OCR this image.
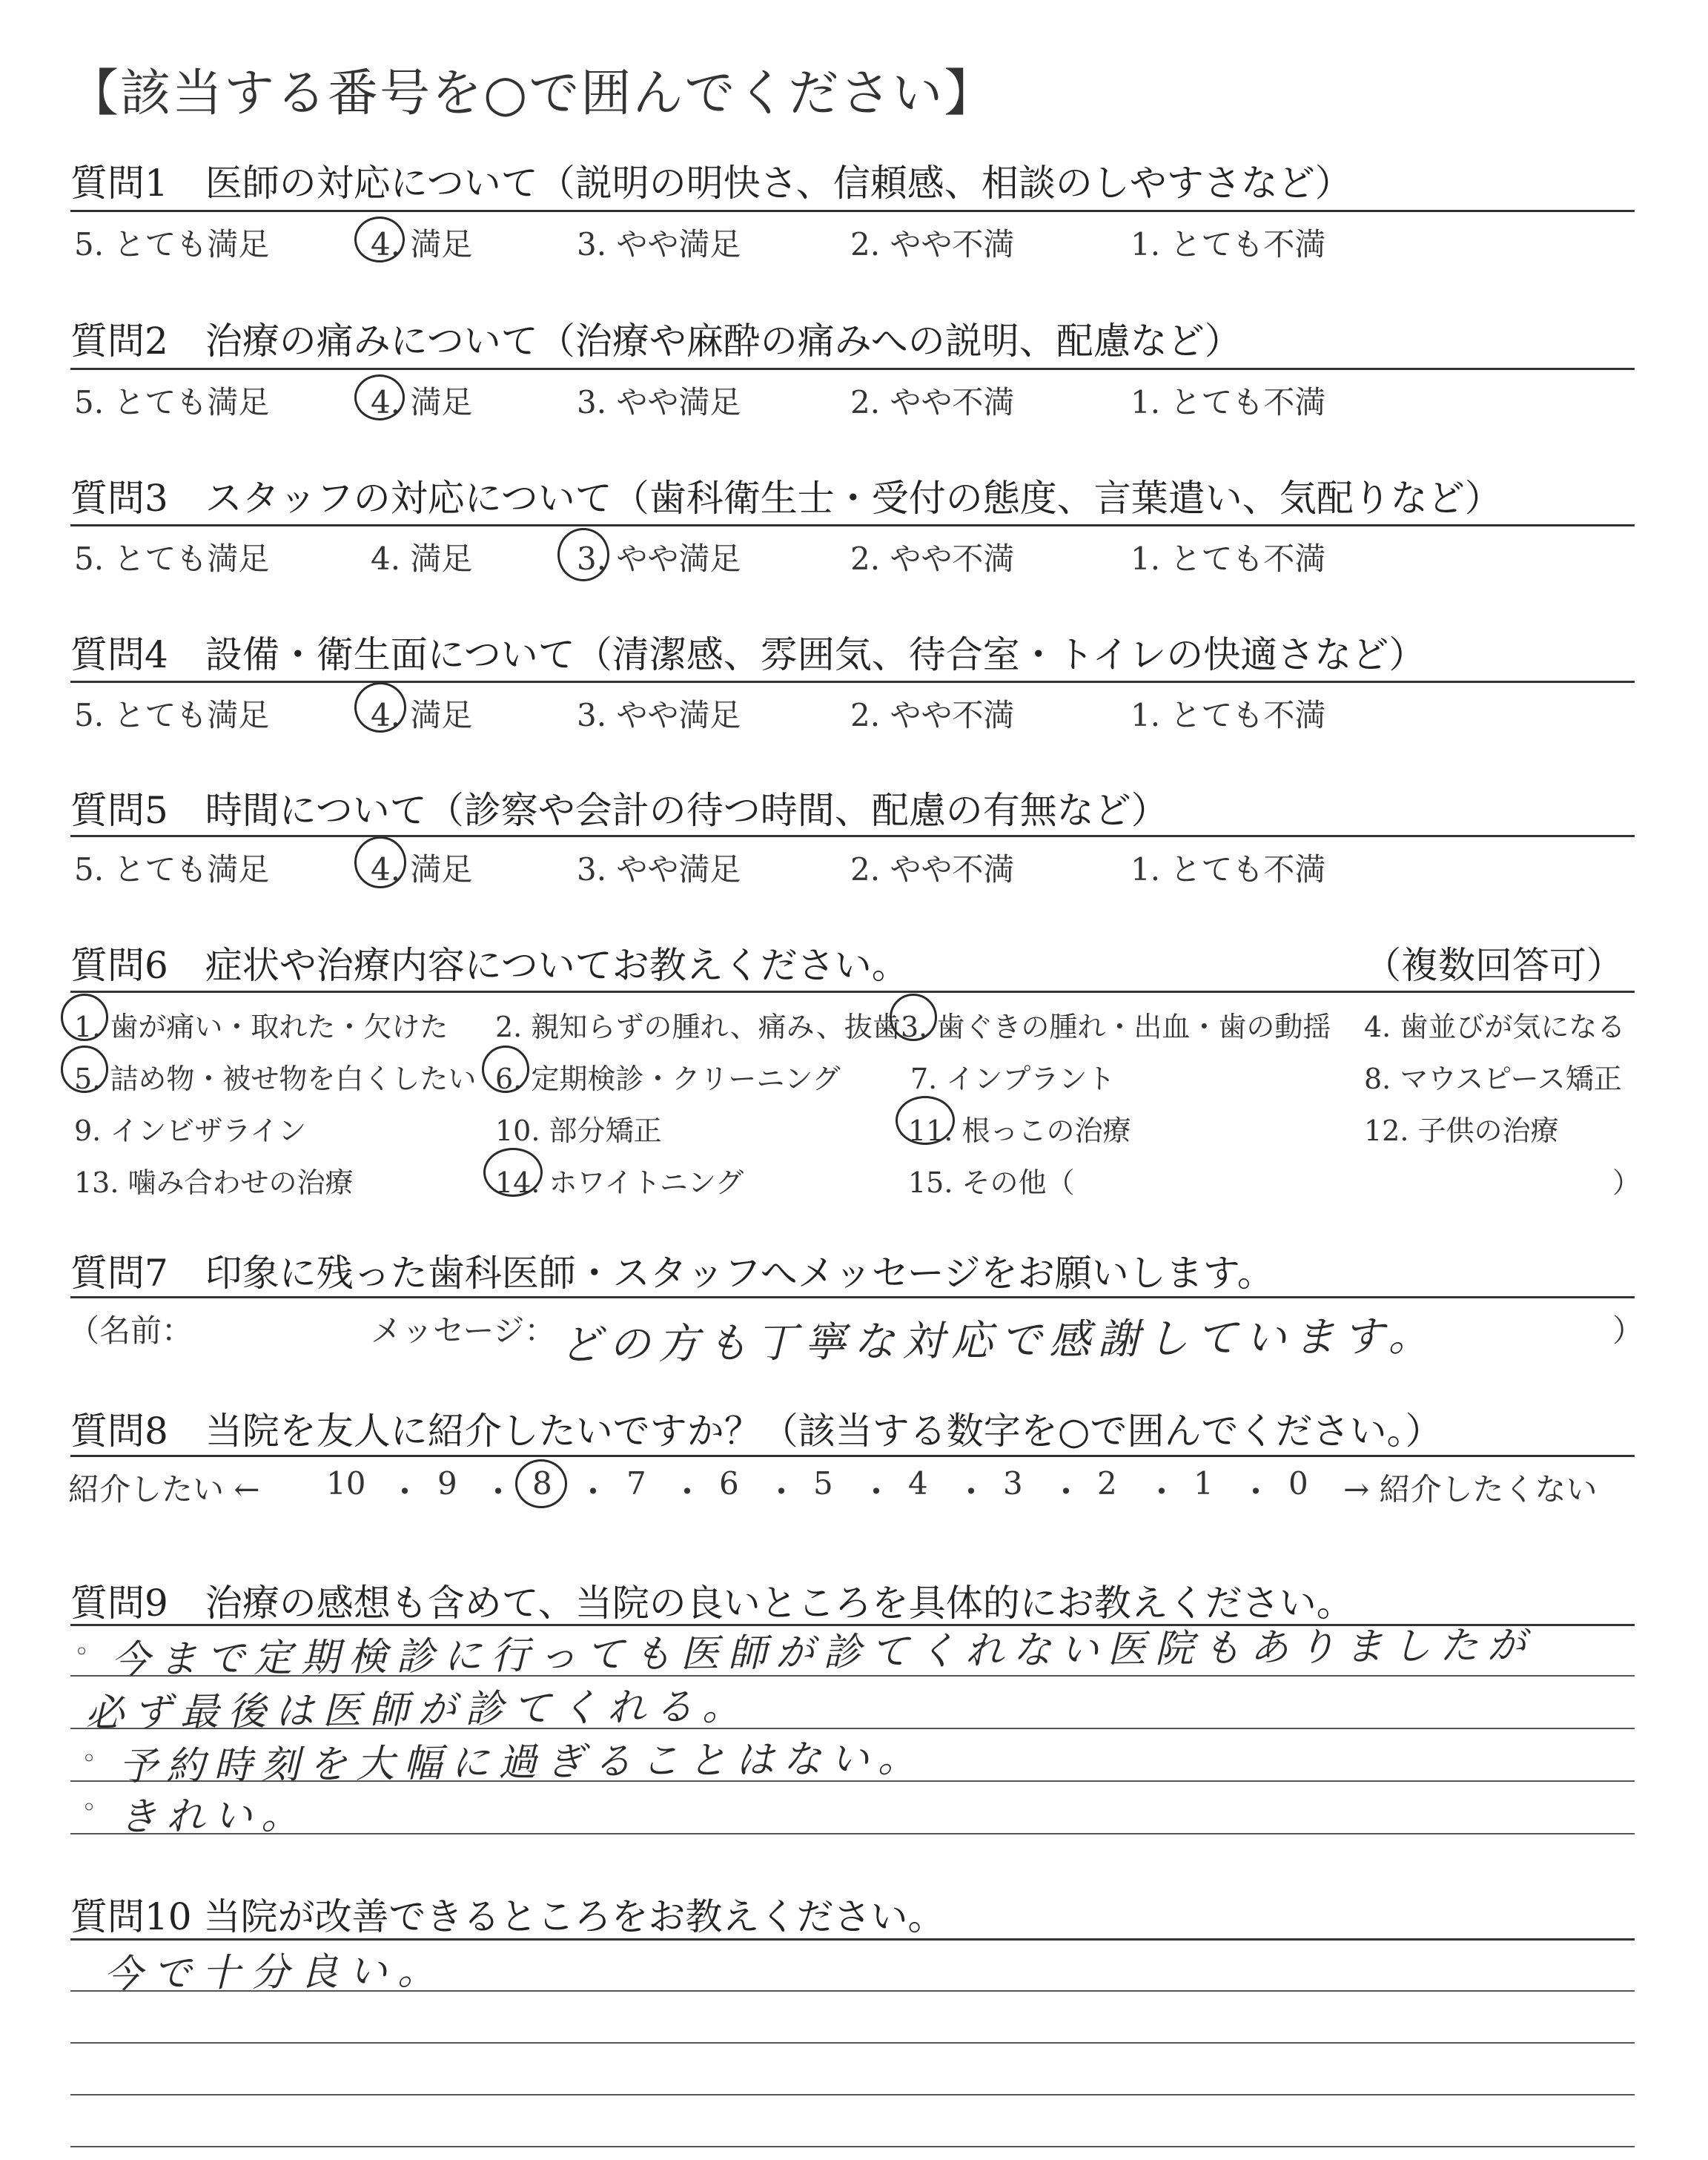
【該当する番号を○で囲んでください】
質問1　医師の対応について（説明の明快さ、信頼感、相談のしやすさなど）
5. とても満足	4. 満足	3. やや満足	2. やや不満	1. とても不満
質問2　治療の痛みについて（治療や麻酔の痛みへの説明、配慮など）
5. とても満足	4. 満足	3. やや満足	2. やや不満	1. とても不満
質問3　スタッフの対応について（歯科衛生士・受付の態度、言葉遣い、気配りなど）
5. とても満足	4. 満足	3. やや満足	2. やや不満	1. とても不満
質問4　設備・衛生面について（清潔感、雰囲気、待合室・トイレの快適さなど）
5. とても満足	4. 満足	3. やや満足	2. やや不満	1. とても不満
質問5　時間について（診察や会計の待つ時間、配慮の有無など）
5. とても満足	4. 満足	3. やや満足	2. やや不満	1. とても不満
質問6　症状や治療内容についてお教えください。	（複数回答可）
1. 歯が痛い・取れた・欠けた 2. 親知らずの腫れ、痛み、抜歯 3. 歯ぐきの腫れ・出血・歯の動揺 4. 歯並びが気になる
5. 詰め物・被せ物を白くしたい 6. 定期検診・クリーニング 7. インプラント	8. マウスピース矯正
9. インビザライン	10. 部分矯正	11. 根っこの治療	12. 子供の治療
13. 噛み合わせの治療	14. ホワイトニング	15. その他（	）
質問7　印象に残った歯科医師・スタッフへメッセージをお願いします。
（名前：	メッセージ： どの方も丁寧な対応で感謝しています。	）
質問8　当院を友人に紹介したいですか？（該当する数字を○で囲んでください。）
紹介したい ← 10 ・ 9 ・ 8 ・ 7 ・ 6 ・ 5 ・ 4 ・ 3 ・ 2 ・ 1 ・ 0 → 紹介したくない
質問9　治療の感想も含めて、当院の良いところを具体的にお教えください。
◦ 今まで定期検診に行っても医師が診てくれない医院もありましたが
必ず最後は医師が診てくれる。
◦ 予約時刻を大幅に過ぎることはない。
◦ きれい。
質問10 当院が改善できるところをお教えください。
今で十分良い。
